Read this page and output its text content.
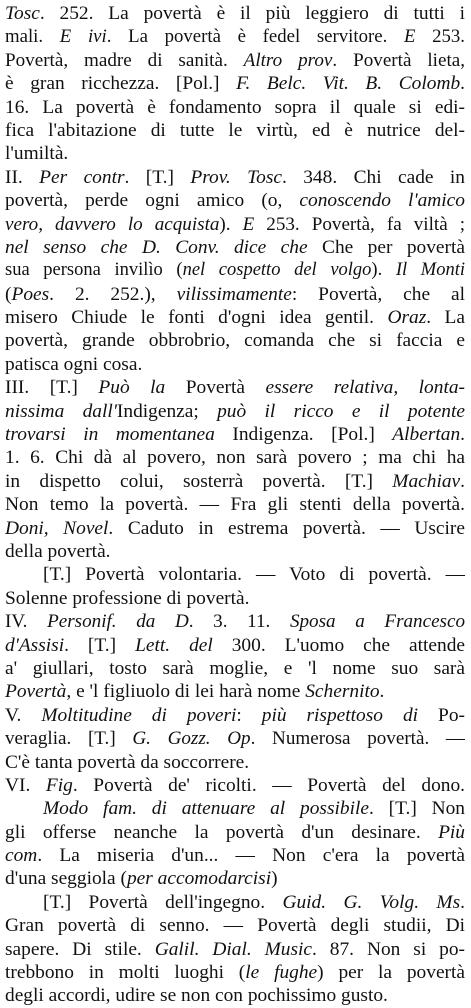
Tosc. 252. La povertà è il più leggiero di tutti i
mali. E ivi. La povertà è fedel servitore. E 253.
Povertà, madre di sanità. Altro prov. Povertà lieta,
è gran ricchezza. [Pol.] F. Belc. Vit. B. Colomb.
16. La povertà è fondamento sopra il quale si edi-
fica l'abitazione di tutte le virtù, ed è nutrice del-
l'umiltà.
II. Per contr. [T.] Prov. Tosc. 348. Chi cade in
povertà, perde ogni amico (o, conoscendo l'amico
vero, davvero lo acquista). E 253. Povertà, fa viltà ;
nel senso che D. Conv. dice che Che per povertà
sua persona invilìo (nel cospetto del volgo). Il Monti
(Poes. 2. 252.), vilissimamente: Povertà, che al
misero Chiude le fonti d'ogni idea gentil. Oraz. La
povertà, grande obbrobrio, comanda che si faccia e
patisca ogni cosa.
III. [T.] Può la Povertà essere relativa, lonta-
nissima dall'Indigenza; può il ricco e il potente
trovarsi in momentanea Indigenza. [Pol.] Albertan.
1. 6. Chi dà al povero, non sarà povero ; ma chi ha
in dispetto colui, sosterrà povertà. [T.] Machiav.
Non temo la povertà. — Fra gli stenti della povertà.
Doni, Novel. Caduto in estrema povertà. — Uscire
della povertà.
[T.] Povertà volontaria. — Voto di povertà. —
Solenne professione di povertà.
IV. Personif. da D. 3. 11. Sposa a Francesco
d'Assisi. [T.] Lett. del 300. L'uomo che attende
a' giullari, tosto sarà moglie, e 'l nome suo sarà
Povertà, e 'l figliuolo di lei harà nome Schernito.
V. Moltitudine di poveri: più rispettoso di Po-
veraglia. [T.] G. Gozz. Op. Numerosa povertà. —
C'è tanta povertà da soccorrere.
VI. Fig. Povertà de' ricolti. — Povertà del dono.
Modo fam. di attenuare al possibile. [T.] Non
gli offerse neanche la povertà d'un desinare. Più
com. La miseria d'un... — Non c'era la povertà
d'una seggiola (per accomodarcisi)
[T.] Povertà dell'ingegno. Guid. G. Volg. Ms.
Gran povertà di senno. — Povertà degli studii, Di
sapere. Di stile. Galil. Dial. Music. 87. Non si po-
trebbono in molti luoghi (le fughe) per la povertà
degli accordi, udire se non con pochissimo gusto.
